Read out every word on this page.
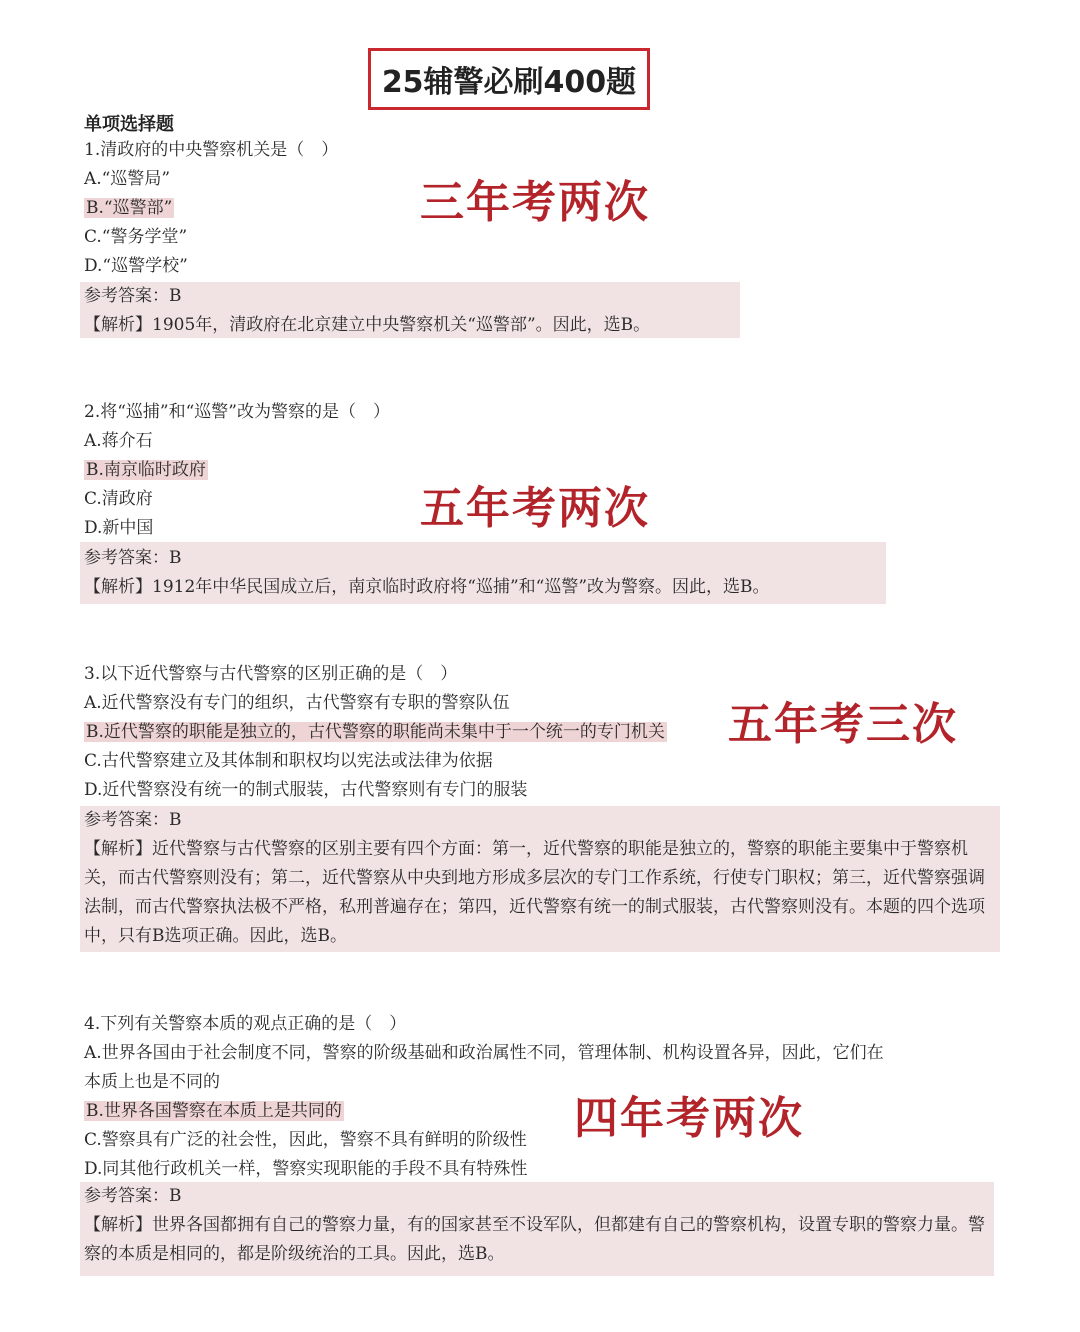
25辅警必刷400题
单项选择题
1.清政府的中央警察机关是（　）
A.“巡警局”
B.“巡警部”
C.“警务学堂”
D.“巡警学校”
参考答案：B
【解析】1905年，清政府在北京建立中央警察机关“巡警部”。因此，选B。
三年考两次
2.将“巡捕”和“巡警”改为警察的是（　）
A.蒋介石
B.南京临时政府
C.清政府
D.新中国
参考答案：B
【解析】1912年中华民国成立后，南京临时政府将“巡捕”和“巡警”改为警察。因此，选B。
五年考两次
3.以下近代警察与古代警察的区别正确的是（　）
A.近代警察没有专门的组织，古代警察有专职的警察队伍
B.近代警察的职能是独立的，古代警察的职能尚未集中于一个统一的专门机关
C.古代警察建立及其体制和职权均以宪法或法律为依据
D.近代警察没有统一的制式服装，古代警察则有专门的服装
参考答案：B
【解析】近代警察与古代警察的区别主要有四个方面：第一，近代警察的职能是独立的，警察的职能主要集中于警察机关，而古代警察则没有；第二，近代警察从中央到地方形成多层次的专门工作系统，行使专门职权；第三，近代警察强调法制，而古代警察执法极不严格，私刑普遍存在；第四，近代警察有统一的制式服装，古代警察则没有。本题的四个选项中，只有B选项正确。因此，选B。
五年考三次
4.下列有关警察本质的观点正确的是（　）
A.世界各国由于社会制度不同，警察的阶级基础和政治属性不同，管理体制、机构设置各异，因此，它们在
本质上也是不同的
B.世界各国警察在本质上是共同的
C.警察具有广泛的社会性，因此，警察不具有鲜明的阶级性
D.同其他行政机关一样，警察实现职能的手段不具有特殊性
参考答案：B
【解析】世界各国都拥有自己的警察力量，有的国家甚至不设军队，但都建有自己的警察机构，设置专职的警察力量。警察的本质是相同的，都是阶级统治的工具。因此，选B。
四年考两次
